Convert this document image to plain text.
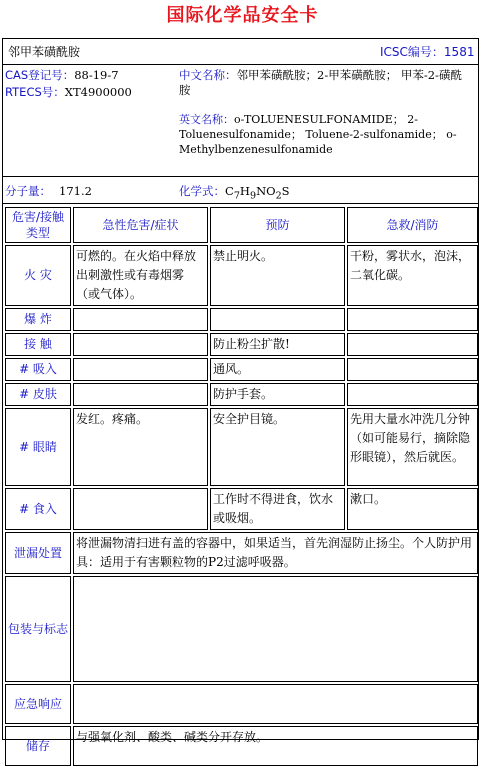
国际化学品安全卡
邻甲苯磺酰胺	ICSC编号：1581
CAS登记号：88-19-7
RTECS号：XT4900000
中文名称：邻甲苯磺酰胺；2-甲苯磺酰胺； 甲苯-2-磺酰胺
英文名称：o-TOLUENESULFONAMIDE； 2-Toluenesulfonamide； Toluene-2-sulfonamide； o-Methylbenzenesulfonamide
分子量： 171.2	化学式：$C_7H_9NO_2S$
危害/接触类型	急性危害/症状	预防	急救/消防
火 灾	可燃的。在火焰中释放出刺激性或有毒烟雾（或气体）。	禁止明火。	干粉，雾状水，泡沫，二氧化碳。
爆 炸			
接 触		防止粉尘扩散!	
# 吸入		通风。	
# 皮肤		防护手套。	
# 眼睛	发红。疼痛。	安全护目镜。	先用大量水冲洗几分钟（如可能易行，摘除隐形眼镜），然后就医。
# 食入		工作时不得进食，饮水或吸烟。	漱口。
泄漏处置	将泄漏物清扫进有盖的容器中，如果适当，首先润湿防止扬尘。个人防护用具：适用于有害颗粒物的P2过滤呼吸器。		
包装与标志			
应急响应			
储存	与强氧化剂、酸类、碱类分开存放。		
